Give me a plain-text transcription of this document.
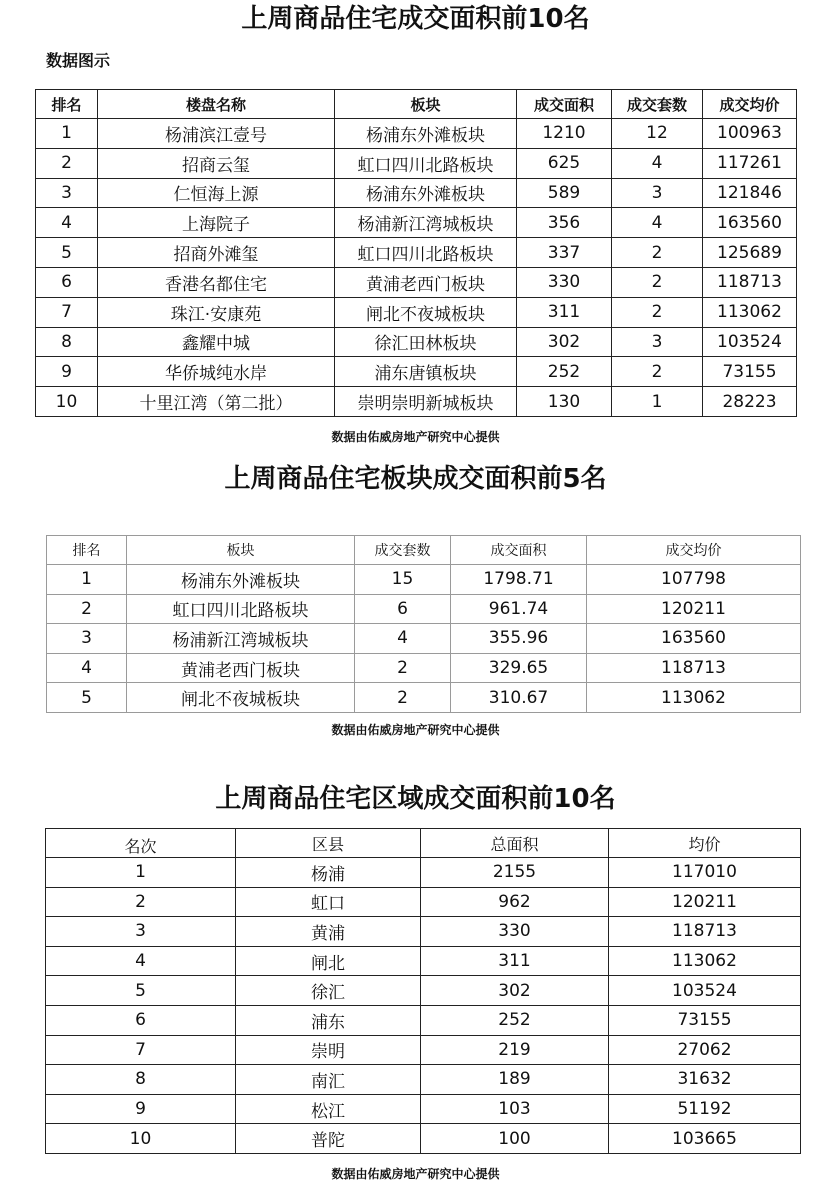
上周商品住宅成交面积前10名
数据图示
排名	楼盘名称	板块	成交面积	成交套数	成交均价
1	杨浦滨江壹号	杨浦东外滩板块	1210	12	100963
2	招商云玺	虹口四川北路板块	625	4	117261
3	仁恒海上源	杨浦东外滩板块	589	3	121846
4	上海院子	杨浦新江湾城板块	356	4	163560
5	招商外滩玺	虹口四川北路板块	337	2	125689
6	香港名都住宅	黄浦老西门板块	330	2	118713
7	珠江·安康苑	闸北不夜城板块	311	2	113062
8	鑫耀中城	徐汇田林板块	302	3	103524
9	华侨城纯水岸	浦东唐镇板块	252	2	73155
10	十里江湾（第二批）	崇明崇明新城板块	130	1	28223
数据由佑威房地产研究中心提供
上周商品住宅板块成交面积前5名
排名	板块	成交套数	成交面积	成交均价
1	杨浦东外滩板块	15	1798.71	107798
2	虹口四川北路板块	6	961.74	120211
3	杨浦新江湾城板块	4	355.96	163560
4	黄浦老西门板块	2	329.65	118713
5	闸北不夜城板块	2	310.67	113062
数据由佑威房地产研究中心提供
上周商品住宅区域成交面积前10名
名次	区县	总面积	均价
1	杨浦	2155	117010
2	虹口	962	120211
3	黄浦	330	118713
4	闸北	311	113062
5	徐汇	302	103524
6	浦东	252	73155
7	崇明	219	27062
8	南汇	189	31632
9	松江	103	51192
10	普陀	100	103665
数据由佑威房地产研究中心提供
